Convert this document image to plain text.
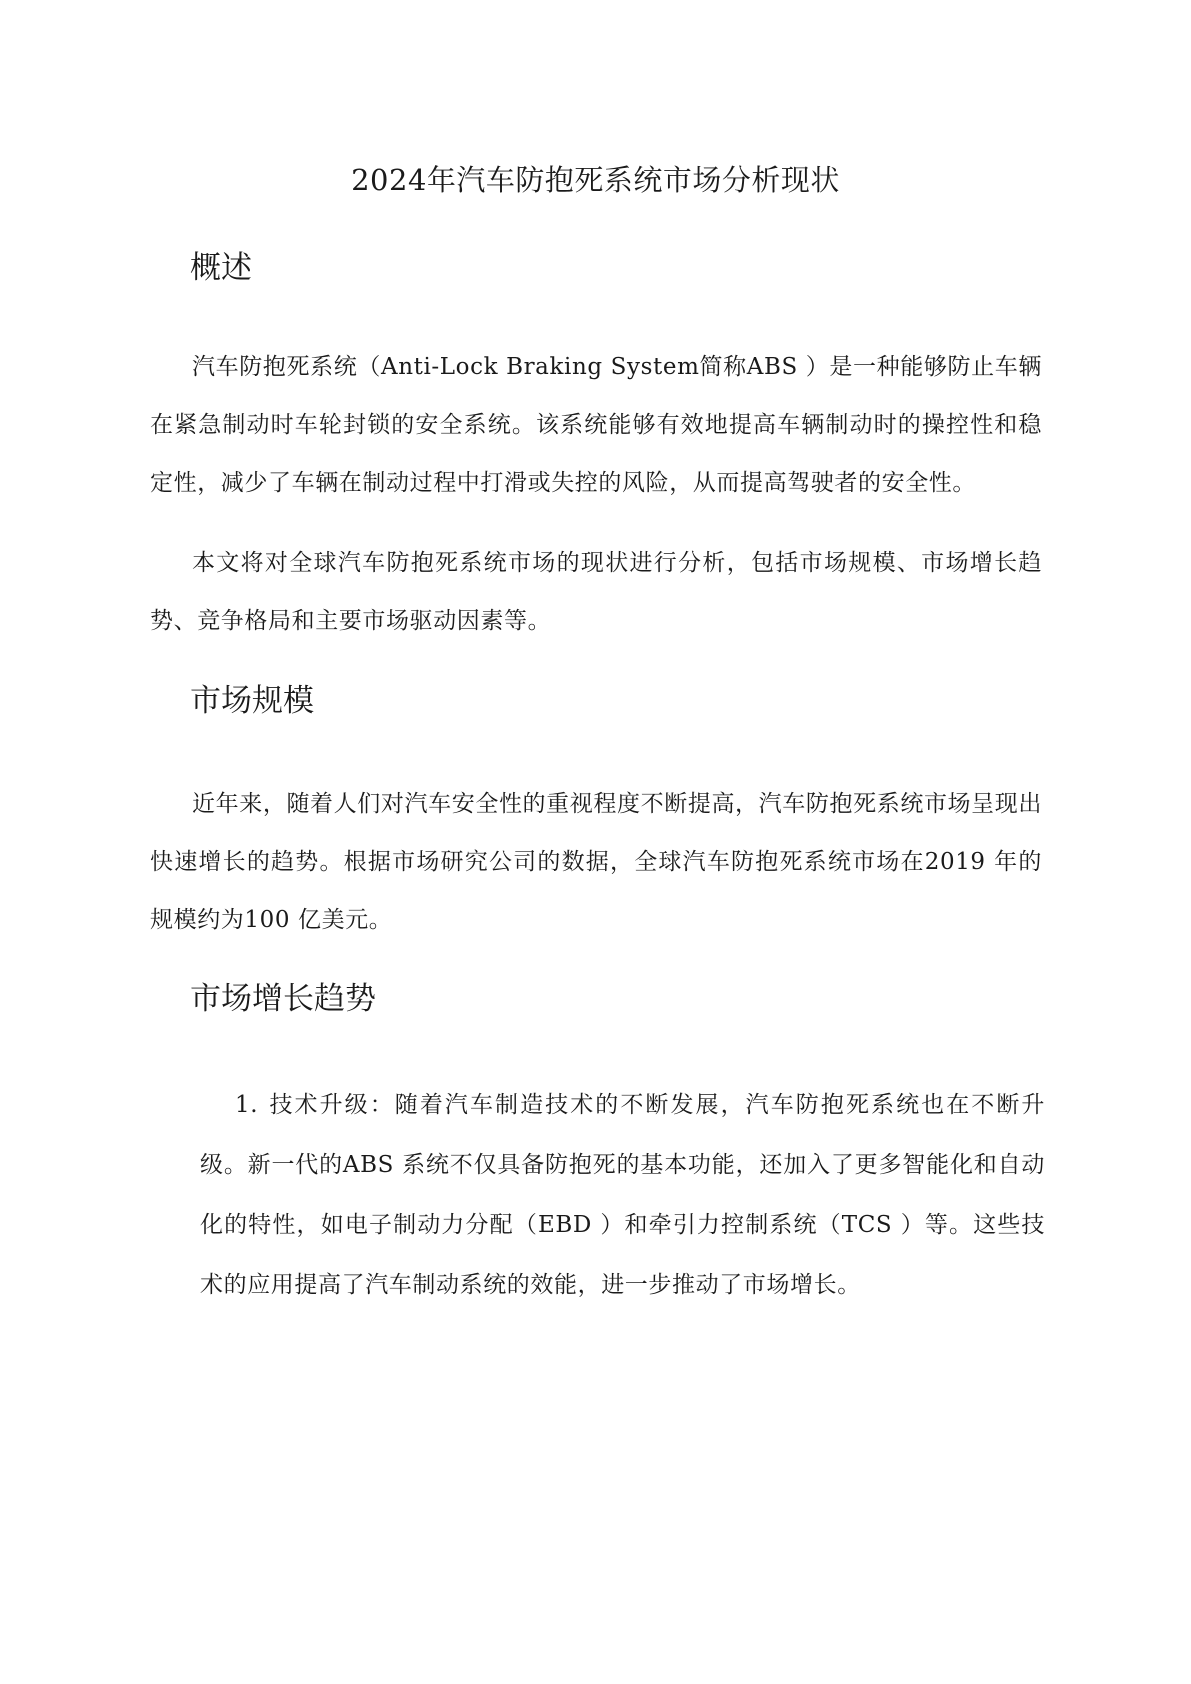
2024年汽车防抱死系统市场分析现状
概述

汽车防抱死系统（Anti-Lock Braking System简称ABS ）是一种能够防止车辆在紧急制动时车轮封锁的安全系统。该系统能够有效地提高车辆制动时的操控性和稳定性，减少了车辆在制动过程中打滑或失控的风险，从而提高驾驶者的安全性。

本文将对全球汽车防抱死系统市场的现状进行分析，包括市场规模、市场增长趋势、竞争格局和主要市场驱动因素等。

市场规模

近年来，随着人们对汽车安全性的重视程度不断提高，汽车防抱死系统市场呈现出快速增长的趋势。根据市场研究公司的数据，全球汽车防抱死系统市场在2019 年的规模约为100 亿美元。

市场增长趋势

1. 技术升级：随着汽车制造技术的不断发展，汽车防抱死系统也在不断升级。新一代的ABS 系统不仅具备防抱死的基本功能，还加入了更多智能化和自动化的特性，如电子制动力分配（EBD ）和牵引力控制系统（TCS ）等。这些技术的应用提高了汽车制动系统的效能，进一步推动了市场增长。
